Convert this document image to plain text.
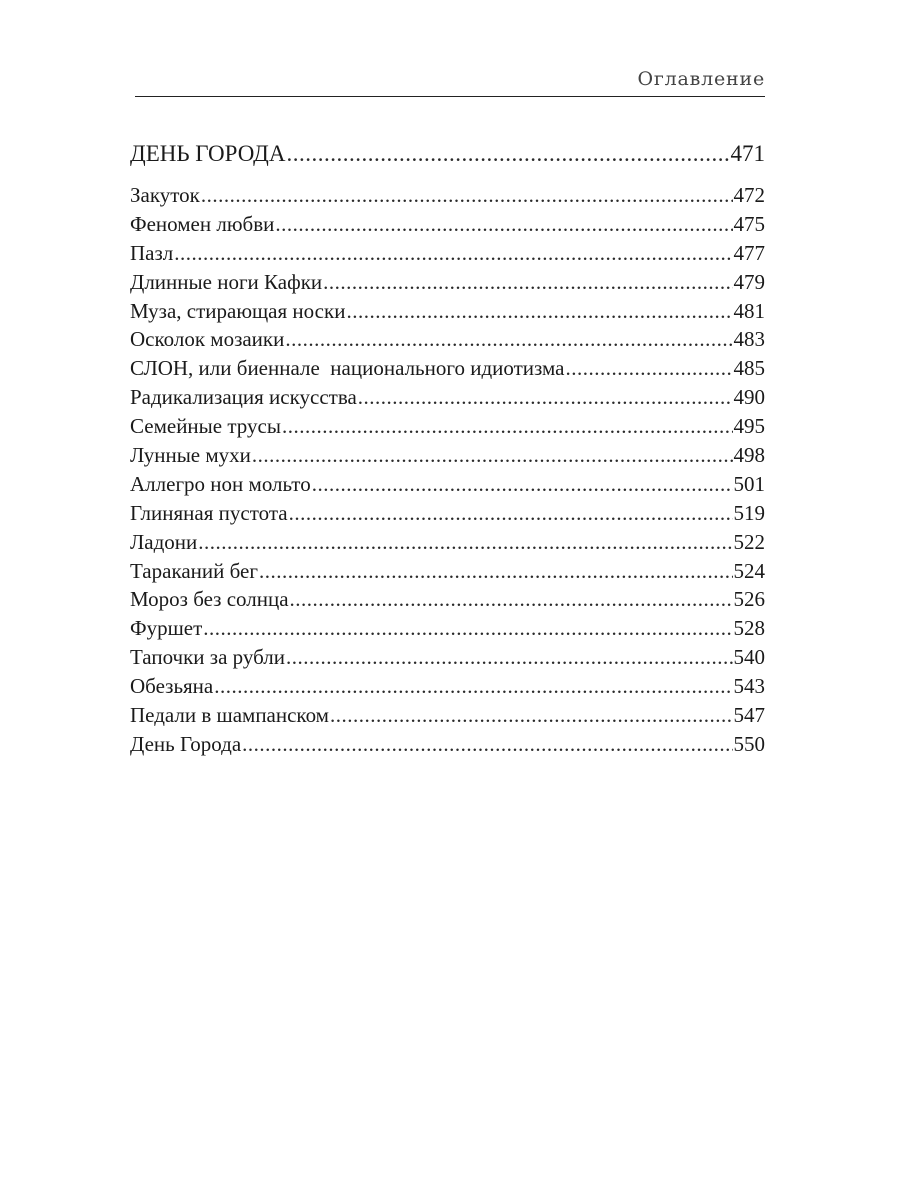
Оглавление
ДЕНЬ ГОРОДА .....	471
Закуток .....	472
Феномен любви .....	475
Пазл .....	477
Длинные ноги Кафки .....	479
Муза, стирающая носки .....	481
Осколок мозаики .....	483
СЛОН, или биеннале  национального идиотизма .....	485
Радикализация искусства .....	490
Семейные трусы .....	495
Лунные мухи .....	498
Аллегро нон мольто .....	501
Глиняная пустота .....	519
Ладони .....	522
Тараканий бег .....	524
Мороз без солнца .....	526
Фуршет .....	528
Тапочки за рубли .....	540
Обезьяна .....	543
Педали в шампанском .....	547
День Города .....	550
